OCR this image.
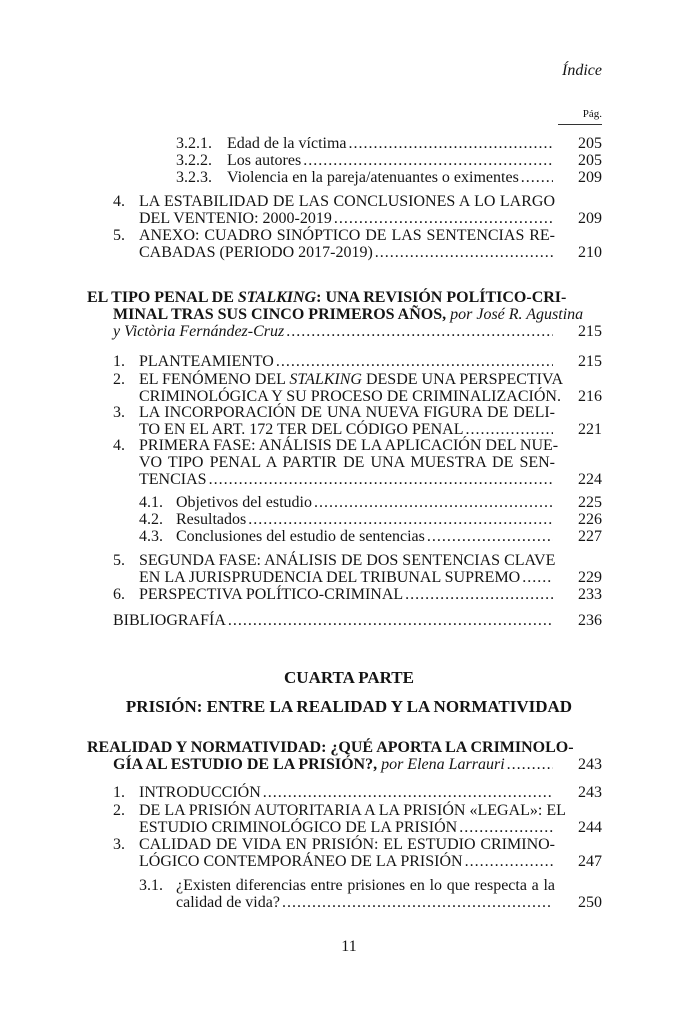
Índice
Pág.
3.2.1. Edad de la víctima .....	205
3.2.2. Los autores .....	205
3.2.3. Violencia en la pareja/atenuantes o eximentes .....	209
4. LA ESTABILIDAD DE LAS CONCLUSIONES A LO LARGO
DEL VENTENIO: 2000-2019 .....	209
5. ANEXO: CUADRO SINÓPTICO DE LAS SENTENCIAS RE-
CABADAS (PERIODO 2017-2019) .....	210
EL TIPO PENAL DE STALKING: UNA REVISIÓN POLÍTICO-CRI-
MINAL TRAS SUS CINCO PRIMEROS AÑOS, por José R. Agustina
y Victòria Fernández-Cruz .....	215
1. PLANTEAMIENTO .....	215
2. EL FENÓMENO DEL STALKING DESDE UNA PERSPECTIVA
CRIMINOLÓGICA Y SU PROCESO DE CRIMINALIZACIÓN.	216
3. LA INCORPORACIÓN DE UNA NUEVA FIGURA DE DELI-
TO EN EL ART. 172 TER DEL CÓDIGO PENAL .....	221
4. PRIMERA FASE: ANÁLISIS DE LA APLICACIÓN DEL NUE-
VO TIPO PENAL A PARTIR DE UNA MUESTRA DE SEN-
TENCIAS .....	224
4.1. Objetivos del estudio .....	225
4.2. Resultados .....	226
4.3. Conclusiones del estudio de sentencias .....	227
5. SEGUNDA FASE: ANÁLISIS DE DOS SENTENCIAS CLAVE
EN LA JURISPRUDENCIA DEL TRIBUNAL SUPREMO .....	229
6. PERSPECTIVA POLÍTICO-CRIMINAL .....	233
BIBLIOGRAFÍA .....	236
CUARTA PARTE
PRISIÓN: ENTRE LA REALIDAD Y LA NORMATIVIDAD
REALIDAD Y NORMATIVIDAD: ¿QUÉ APORTA LA CRIMINOLO-
GÍA AL ESTUDIO DE LA PRISIÓN?, por Elena Larrauri .....	243
1. INTRODUCCIÓN .....	243
2. DE LA PRISIÓN AUTORITARIA A LA PRISIÓN «LEGAL»: EL
ESTUDIO CRIMINOLÓGICO DE LA PRISIÓN .....	244
3. CALIDAD DE VIDA EN PRISIÓN: EL ESTUDIO CRIMINO-
LÓGICO CONTEMPORÁNEO DE LA PRISIÓN .....	247
3.1. ¿Existen diferencias entre prisiones en lo que respecta a la
calidad de vida? .....	250
11
